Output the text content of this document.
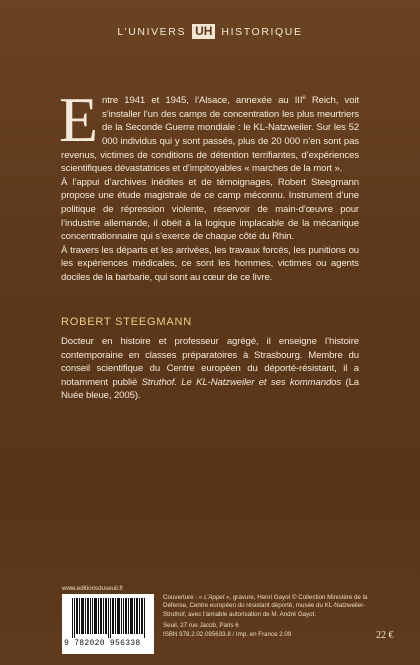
L’UNIVERS UH HISTORIQUE

Entre 1941 et 1945, l’Alsace, annexée au IIIe Reich, voit s’installer l’un des camps de concentration les plus meurtriers de la Seconde Guerre mondiale : le KL-Natzweiler. Sur les 52 000 individus qui y sont passés, plus de 20 000 n’en sont pas revenus, victimes de conditions de détention terrifiantes, d’expériences scientifiques dévastatrices et d’impitoyables « marches de la mort ».

À l’appui d’archives inédites et de témoignages, Robert Steegmann propose une étude magistrale de ce camp méconnu. Instrument d’une politique de répression violente, réservoir de main-d’œuvre pour l’industrie allemande, il obéit à la logique implacable de la mécanique concentrationnaire qui s’exerce de chaque côté du Rhin.

À travers les départs et les arrivées, les travaux forcés, les punitions ou les expériences médicales, ce sont les hommes, victimes ou agents dociles de la barbarie, qui sont au cœur de ce livre.

ROBERT STEEGMANN

Docteur en histoire et professeur agrégé, il enseigne l’histoire contemporaine en classes préparatoires à Strasbourg. Membre du conseil scientifique du Centre européen du déporté-résistant, il a notamment publié Struthof. Le KL-Natzweiler et ses kommandos (La Nuée bleue, 2005).

www.editionsduseuil.fr
9 782020 956338

Couverture : « L’Appel », gravure, Henri Gayot © Collection Ministère de la Défense, Centre européen du résistant déporté, musée du KL-Natzweiler-Struthof, avec l’aimable autorisation de M. André Gayot.

Seuil, 27 rue Jacob, Paris 6

ISBN 978.2.02.095633.8 / Imp. en France 2.09	22 €
